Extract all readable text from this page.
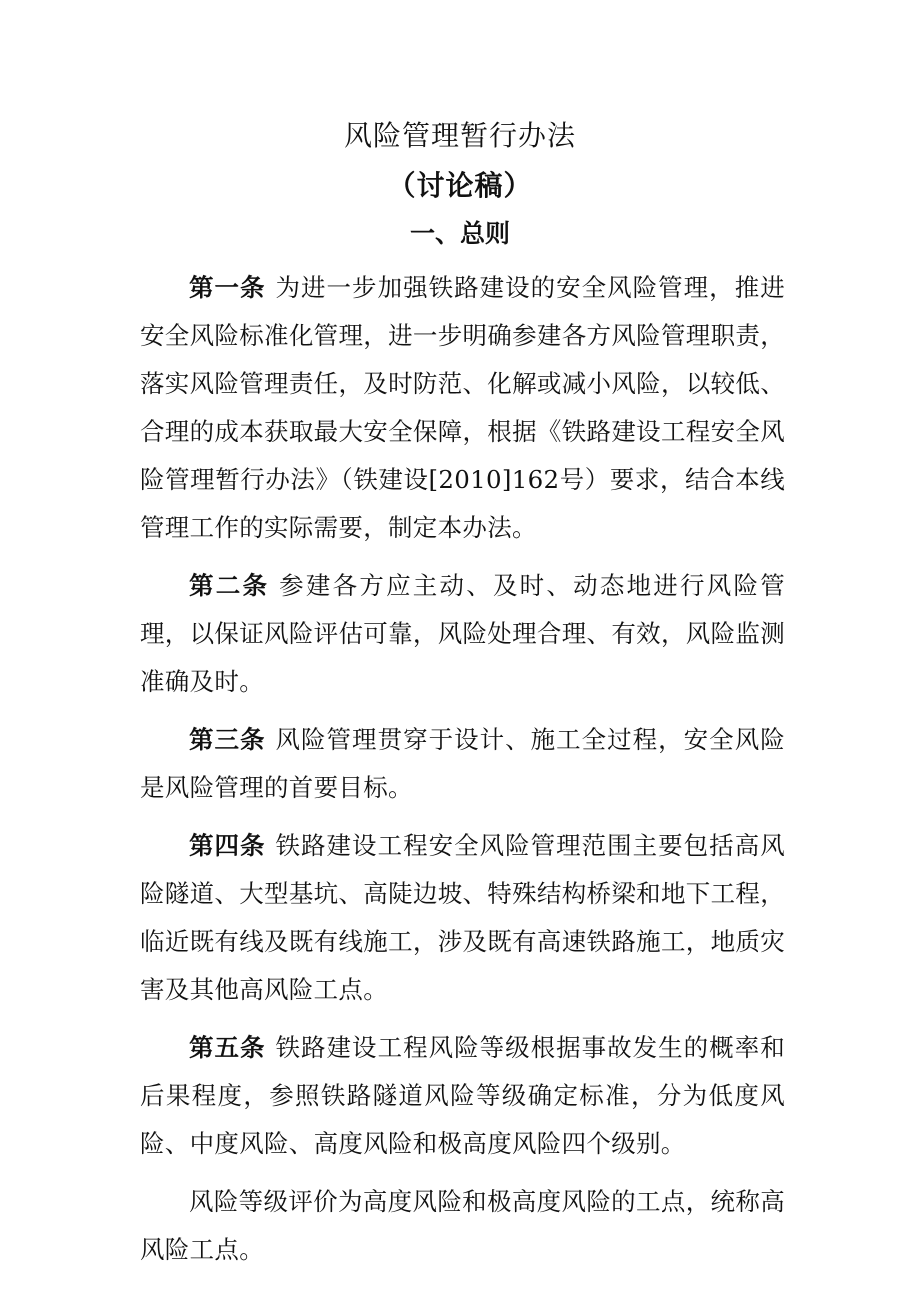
风险管理暂行办法
（讨论稿）
一、总则

第一条 为进一步加强铁路建设的安全风险管理，推进安全风险标准化管理，进一步明确参建各方风险管理职责，落实风险管理责任，及时防范、化解或减小风险，以较低、合理的成本获取最大安全保障，根据《铁路建设工程安全风险管理暂行办法》（铁建设[2010]162号）要求，结合本线管理工作的实际需要，制定本办法。

第二条 参建各方应主动、及时、动态地进行风险管理，以保证风险评估可靠，风险处理合理、有效，风险监测准确及时。

第三条 风险管理贯穿于设计、施工全过程，安全风险是风险管理的首要目标。

第四条 铁路建设工程安全风险管理范围主要包括高风险隧道、大型基坑、高陡边坡、特殊结构桥梁和地下工程，临近既有线及既有线施工，涉及既有高速铁路施工，地质灾害及其他高风险工点。

第五条 铁路建设工程风险等级根据事故发生的概率和后果程度，参照铁路隧道风险等级确定标准，分为低度风险、中度风险、高度风险和极高度风险四个级别。

风险等级评价为高度风险和极高度风险的工点，统称高风险工点。
